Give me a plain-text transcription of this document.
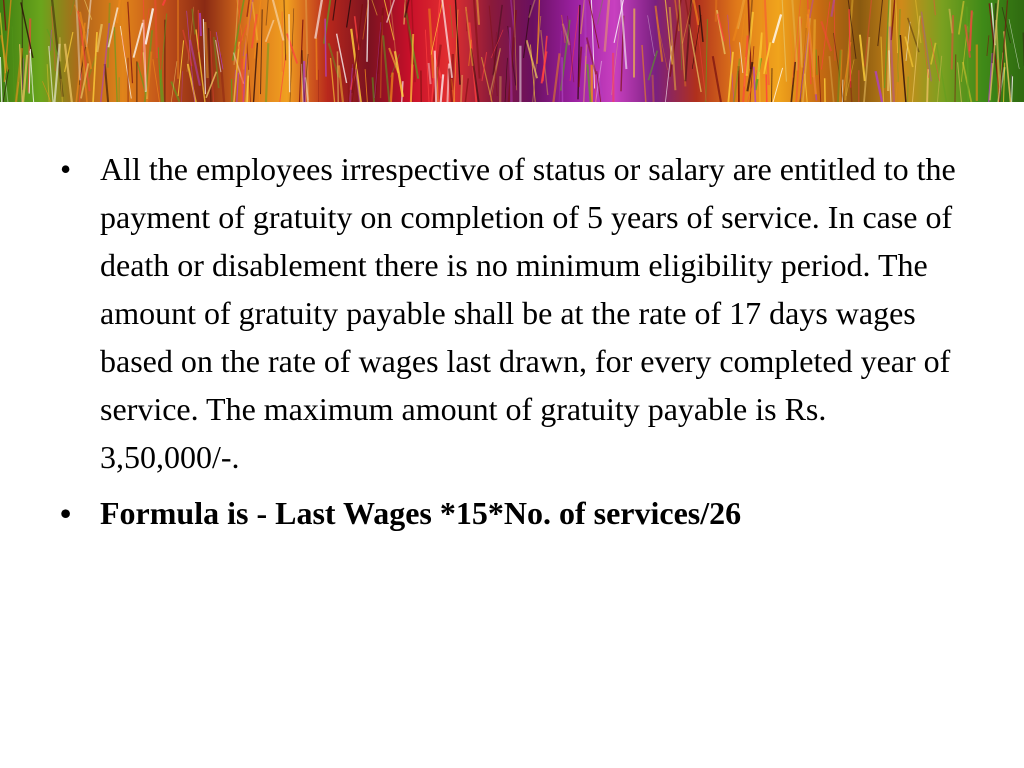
• All the employees irrespective of status or salary are entitled to the payment of gratuity on completion of 5 years of service. In case of death or disablement there is no minimum eligibility period. The amount of gratuity payable shall be at the rate of 17 days wages based on the rate of wages last drawn, for every completed year of service. The maximum amount of gratuity payable is Rs. 3,50,000/-.
• Formula is - Last Wages *15*No. of services/26
